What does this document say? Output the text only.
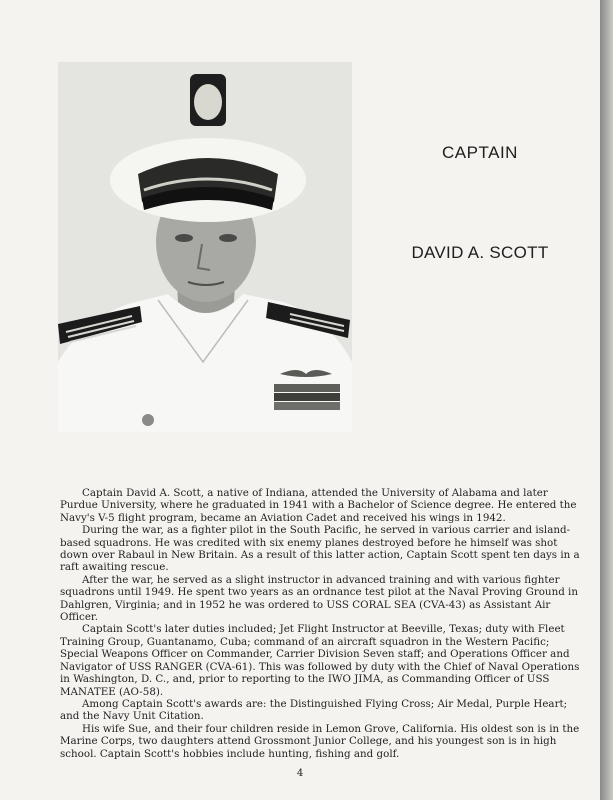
CAPTAIN
DAVID A. SCOTT

Captain David A. Scott, a native of Indiana, attended the University of Alabama and later Purdue University, where he graduated in 1941 with a Bachelor of Science degree. He entered the Navy's V-5 flight program, became an Aviation Cadet and received his wings in 1942.

During the war, as a fighter pilot in the South Pacific, he served in various carrier and island-based squadrons. He was credited with six enemy planes destroyed before he himself was shot down over Rabaul in New Britain. As a result of this latter action, Captain Scott spent ten days in a raft awaiting rescue.

After the war, he served as a slight instructor in advanced training and with various fighter squadrons until 1949. He spent two years as an ordnance test pilot at the Naval Proving Ground in Dahlgren, Virginia; and in 1952 he was ordered to USS CORAL SEA (CVA-43) as Assistant Air Officer.

Captain Scott's later duties included; Jet Flight Instructor at Beeville, Texas; duty with Fleet Training Group, Guantanamo, Cuba; command of an aircraft squadron in the Western Pacific; Special Weapons Officer on Commander, Carrier Division Seven staff; and Operations Officer and Navigator of USS RANGER (CVA-61). This was followed by duty with the Chief of Naval Operations in Washington, D. C., and, prior to reporting to the IWO JIMA, as Commanding Officer of USS MANATEE (AO-58).

Among Captain Scott's awards are: the Distinguished Flying Cross; Air Medal, Purple Heart; and the Navy Unit Citation.

His wife Sue, and their four children reside in Lemon Grove, California. His oldest son is in the Marine Corps, two daughters attend Grossmont Junior College, and his youngest son is in high school. Captain Scott's hobbies include hunting, fishing and golf.

4
